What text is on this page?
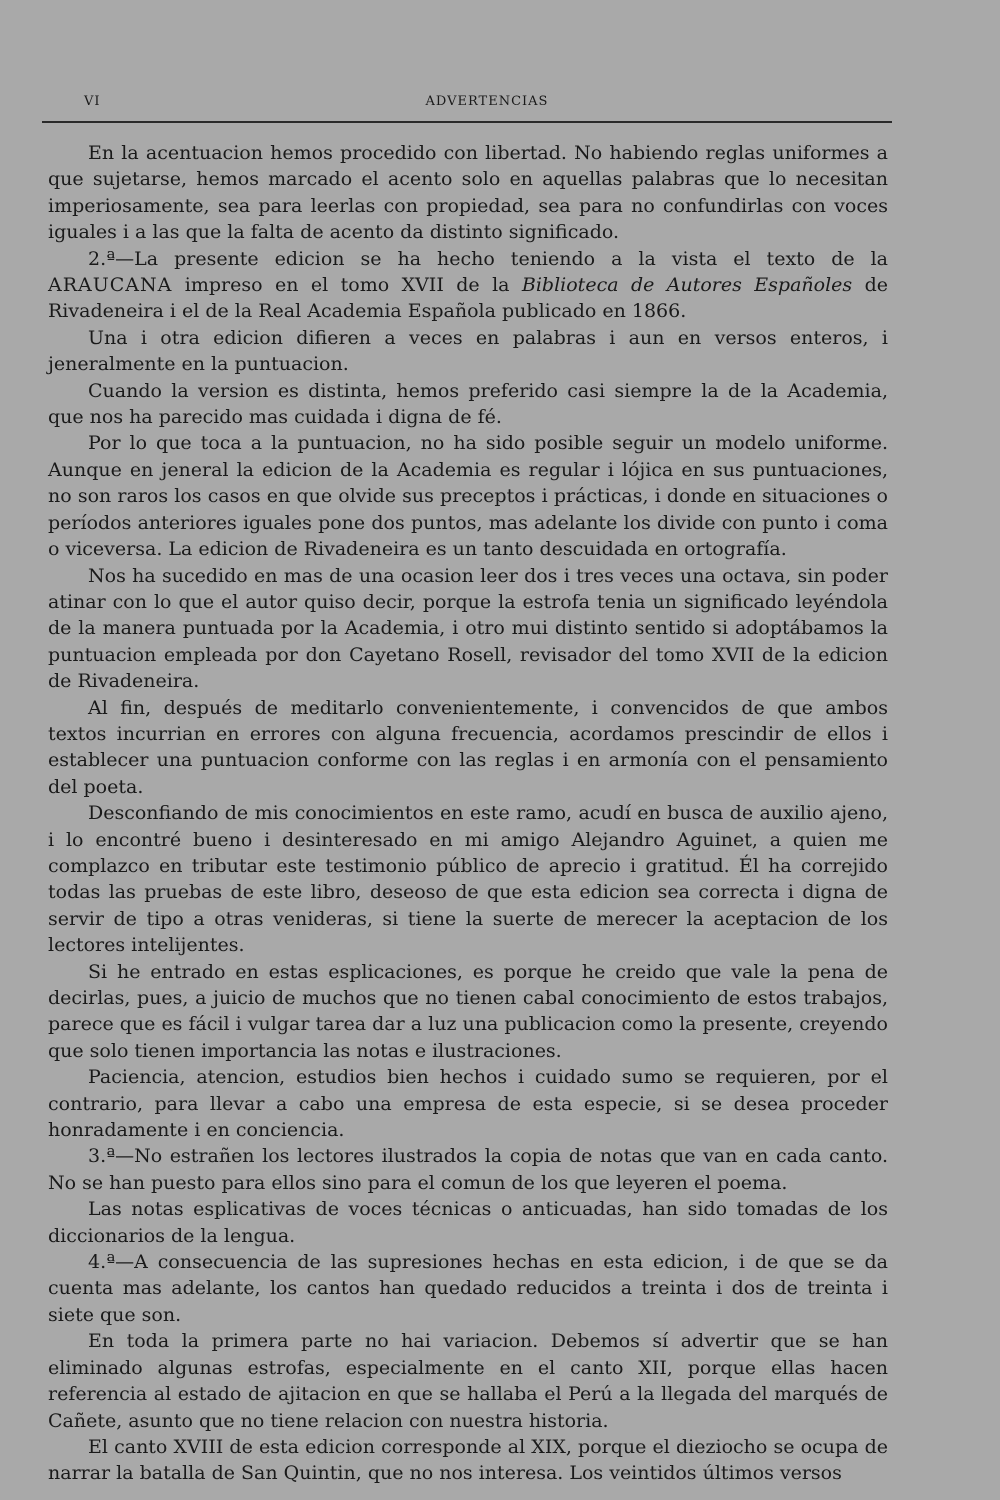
VI	ADVERTENCIAS

En la acentuacion hemos procedido con libertad. No habiendo reglas uniformes a que sujetarse, hemos marcado el acento solo en aquellas palabras que lo necesitan imperiosamente, sea para leerlas con propiedad, sea para no confundirlas con voces iguales i a las que la falta de acento da distinto significado.

2.ª—La presente edicion se ha hecho teniendo a la vista el texto de la ARAUCANA impreso en el tomo XVII de la Biblioteca de Autores Españoles de Rivadeneira i el de la Real Academia Española publicado en 1866.

Una i otra edicion difieren a veces en palabras i aun en versos enteros, i jeneralmente en la puntuacion.

Cuando la version es distinta, hemos preferido casi siempre la de la Academia, que nos ha parecido mas cuidada i digna de fé.

Por lo que toca a la puntuacion, no ha sido posible seguir un modelo uniforme. Aunque en jeneral la edicion de la Academia es regular i lójica en sus puntuaciones, no son raros los casos en que olvide sus preceptos i prácticas, i donde en situaciones o períodos anteriores iguales pone dos puntos, mas adelante los divide con punto i coma o viceversa. La edicion de Rivadeneira es un tanto descuidada en ortografía.

Nos ha sucedido en mas de una ocasion leer dos i tres veces una octava, sin poder atinar con lo que el autor quiso decir, porque la estrofa tenia un significado leyéndola de la manera puntuada por la Academia, i otro mui distinto sentido si adoptábamos la puntuacion empleada por don Cayetano Rosell, revisador del tomo XVII de la edicion de Rivadeneira.

Al fin, después de meditarlo convenientemente, i convencidos de que ambos textos incurrian en errores con alguna frecuencia, acordamos prescindir de ellos i establecer una puntuacion conforme con las reglas i en armonía con el pensamiento del poeta.

Desconfiando de mis conocimientos en este ramo, acudí en busca de auxilio ajeno, i lo encontré bueno i desinteresado en mi amigo Alejandro Aguinet, a quien me complazco en tributar este testimonio público de aprecio i gratitud. Él ha correjido todas las pruebas de este libro, deseoso de que esta edicion sea correcta i digna de servir de tipo a otras venideras, si tiene la suerte de merecer la aceptacion de los lectores intelijentes.

Si he entrado en estas esplicaciones, es porque he creido que vale la pena de decirlas, pues, a juicio de muchos que no tienen cabal conocimiento de estos trabajos, parece que es fácil i vulgar tarea dar a luz una publicacion como la presente, creyendo que solo tienen importancia las notas e ilustraciones.

Paciencia, atencion, estudios bien hechos i cuidado sumo se requieren, por el contrario, para llevar a cabo una empresa de esta especie, si se desea proceder honradamente i en conciencia.

3.ª—No estrañen los lectores ilustrados la copia de notas que van en cada canto. No se han puesto para ellos sino para el comun de los que leyeren el poema.

Las notas esplicativas de voces técnicas o anticuadas, han sido tomadas de los diccionarios de la lengua.

4.ª—A consecuencia de las supresiones hechas en esta edicion, i de que se da cuenta mas adelante, los cantos han quedado reducidos a treinta i dos de treinta i siete que son.

En toda la primera parte no hai variacion. Debemos sí advertir que se han eliminado algunas estrofas, especialmente en el canto XII, porque ellas hacen referencia al estado de ajitacion en que se hallaba el Perú a la llegada del marqués de Cañete, asunto que no tiene relacion con nuestra historia.

El canto XVIII de esta edicion corresponde al XIX, porque el dieziocho se ocupa de narrar la batalla de San Quintin, que no nos interesa. Los veintidos últimos versos
